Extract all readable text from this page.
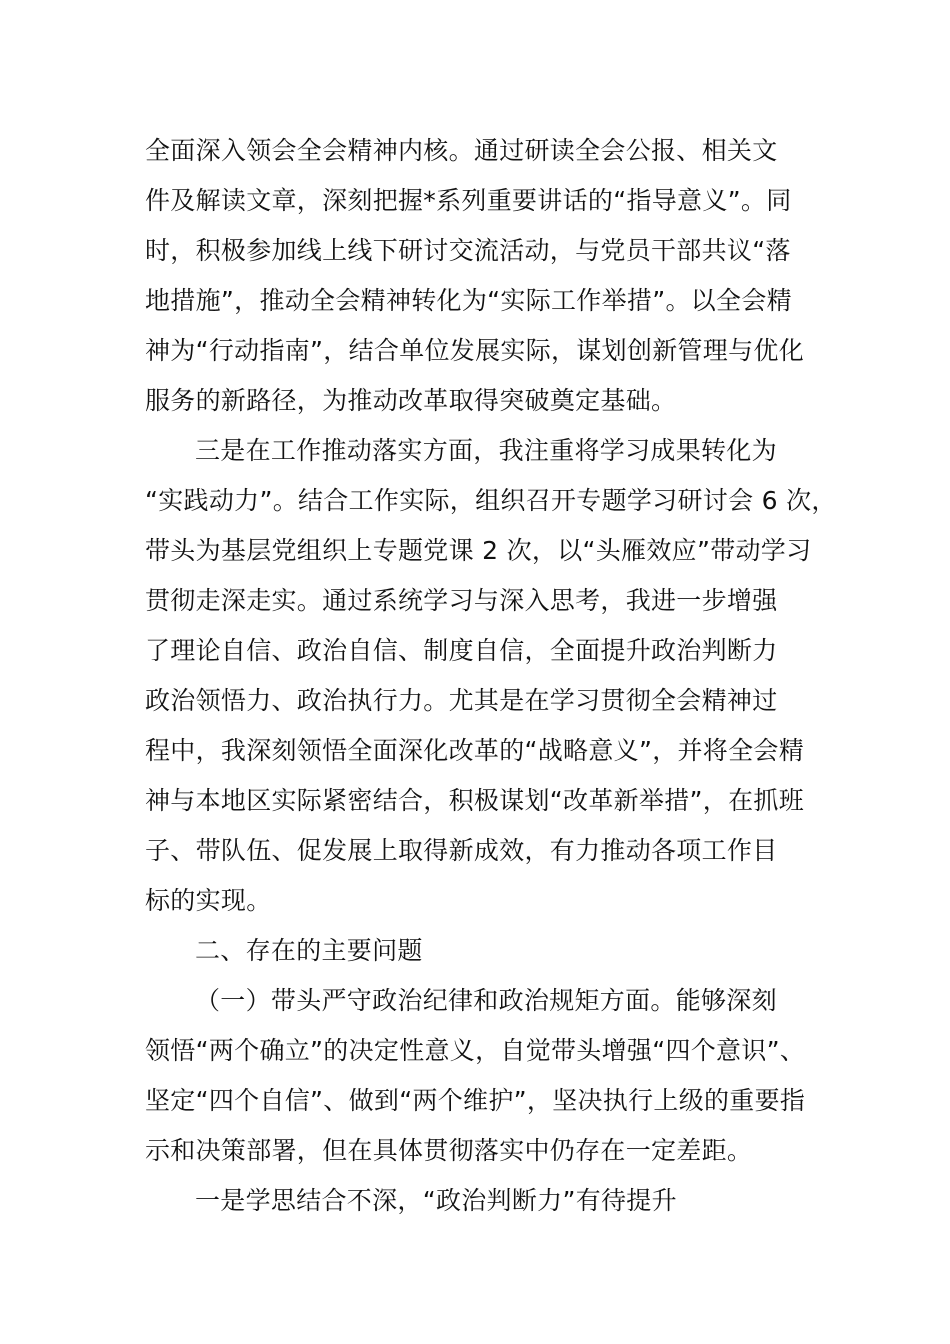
全面深入领会全会精神内核。通过研读全会公报、相关文
件及解读文章，深刻把握*系列重要讲话的“指导意义”。同
时，积极参加线上线下研讨交流活动，与党员干部共议“落
地措施”，推动全会精神转化为“实际工作举措”。以全会精
神为“行动指南”，结合单位发展实际，谋划创新管理与优化
服务的新路径，为推动改革取得突破奠定基础。
三是在工作推动落实方面，我注重将学习成果转化为
“实践动力”。结合工作实际，组织召开专题学习研讨会 6 次，
带头为基层党组织上专题党课 2 次，以“头雁效应”带动学习
贯彻走深走实。通过系统学习与深入思考，我进一步增强
了理论自信、政治自信、制度自信，全面提升政治判断力
政治领悟力、政治执行力。尤其是在学习贯彻全会精神过
程中，我深刻领悟全面深化改革的“战略意义”，并将全会精
神与本地区实际紧密结合，积极谋划“改革新举措”，在抓班
子、带队伍、促发展上取得新成效，有力推动各项工作目
标的实现。
二、存在的主要问题
（一）带头严守政治纪律和政治规矩方面。能够深刻
领悟“两个确立”的决定性意义，自觉带头增强“四个意识”、
坚定“四个自信”、做到“两个维护”，坚决执行上级的重要指
示和决策部署，但在具体贯彻落实中仍存在一定差距。
一是学思结合不深，“政治判断力”有待提升
